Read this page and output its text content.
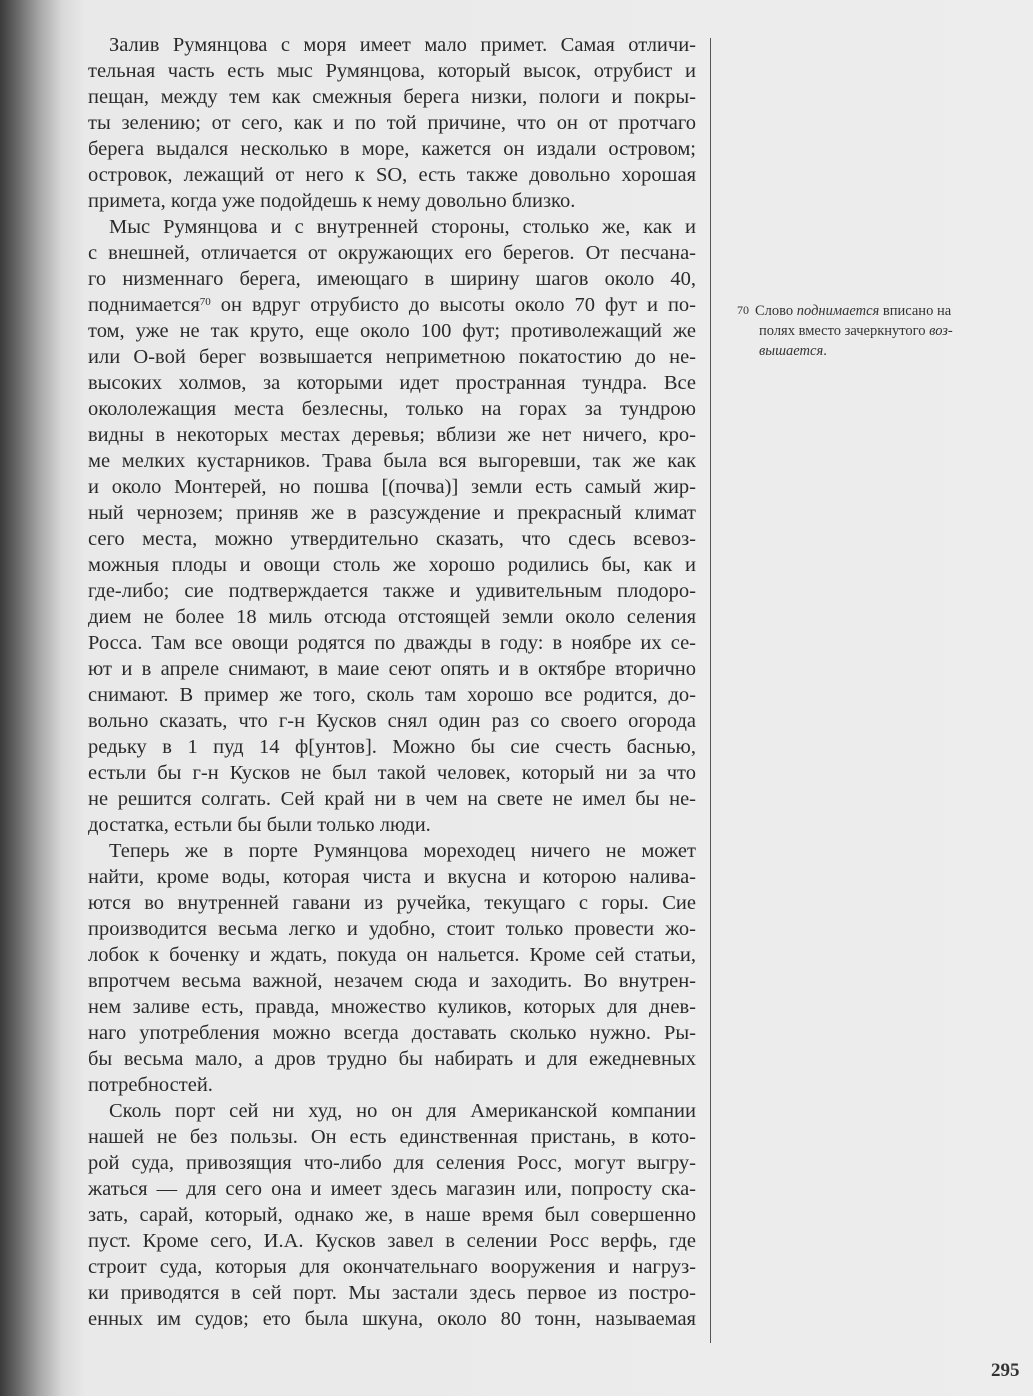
Залив Румянцова с моря имеет мало примет. Самая отличи-
тельная часть есть мыс Румянцова, который высок, отрубист и
пещан, между тем как смежныя берега низки, пологи и покры-
ты зелению; от сего, как и по той причине, что он от протчаго
берега выдался несколько в море, кажется он издали островом;
островок, лежащий от него к SO, есть также довольно хорошая
примета, когда уже подойдешь к нему довольно близко.
Мыс Румянцова и с внутренней стороны, столько же, как и
с внешней, отличается от окружающих его берегов. От песчана-
го низменнаго берега, имеющаго в ширину шагов около 40,
поднимается$^{70}$ он вдруг отрубисто до высоты около 70 фут и по-
том, уже не так круто, еще около 100 фут; противолежащий же
или О-вой берег возвышается неприметною покатостию до не-
высоких холмов, за которыми идет пространная тундра. Все
окололежащия места безлесны, только на горах за тундрою
видны в некоторых местах деревья; вблизи же нет ничего, кро-
ме мелких кустарников. Трава была вся выгоревши, так же как
и около Монтерей, но пошва [(почва)] земли есть самый жир-
ный чернозем; приняв же в разсуждение и прекрасный климат
сего места, можно утвердительно сказать, что сдесь всевоз-
можныя плоды и овощи столь же хорошо родились бы, как и
где-либо; сие подтверждается также и удивительным плодоро-
дием не более 18 миль отсюда отстоящей земли около селения
Росса. Там все овощи родятся по дважды в году: в ноябре их се-
ют и в апреле снимают, в маие сеют опять и в октябре вторично
снимают. В пример же того, сколь там хорошо все родится, до-
вольно сказать, что г-н Кусков снял один раз со своего огорода
редьку в 1 пуд 14 ф[унтов]. Можно бы сие счесть баснью,
естьли бы г-н Кусков не был такой человек, который ни за что
не решится солгать. Сей край ни в чем на свете не имел бы не-
достатка, естьли бы были только люди.
Теперь же в порте Румянцова мореходец ничего не может
найти, кроме воды, которая чиста и вкусна и которою налива-
ются во внутренней гавани из ручейка, текущаго с горы. Сие
производится весьма легко и удобно, стоит только провести жо-
лобок к боченку и ждать, покуда он нальется. Кроме сей статьи,
впротчем весьма важной, незачем сюда и заходить. Во внутрен-
нем заливе есть, правда, множество куликов, которых для днев-
наго употребления можно всегда доставать сколько нужно. Ры-
бы весьма мало, а дров трудно бы набирать и для ежедневных
потребностей.
Сколь порт сей ни худ, но он для Американской компании
нашей не без пользы. Он есть единственная пристань, в кото-
рой суда, привозящия что-либо для селения Росс, могут выгру-
жаться — для сего она и имеет здесь магазин или, попросту ска-
зать, сарай, который, однако же, в наше время был совершенно
пуст. Кроме сего, И.А. Кусков завел в селении Росс верфь, где
строит суда, которыя для окончательнаго вооружения и нагруз-
ки приводятся в сей порт. Мы застали здесь первое из постро-
енных им судов; ето была шкуна, около 80 тонн, называемая
70 Слово поднимается вписано на
полях вместо зачеркнутого воз-
вышается.
295
